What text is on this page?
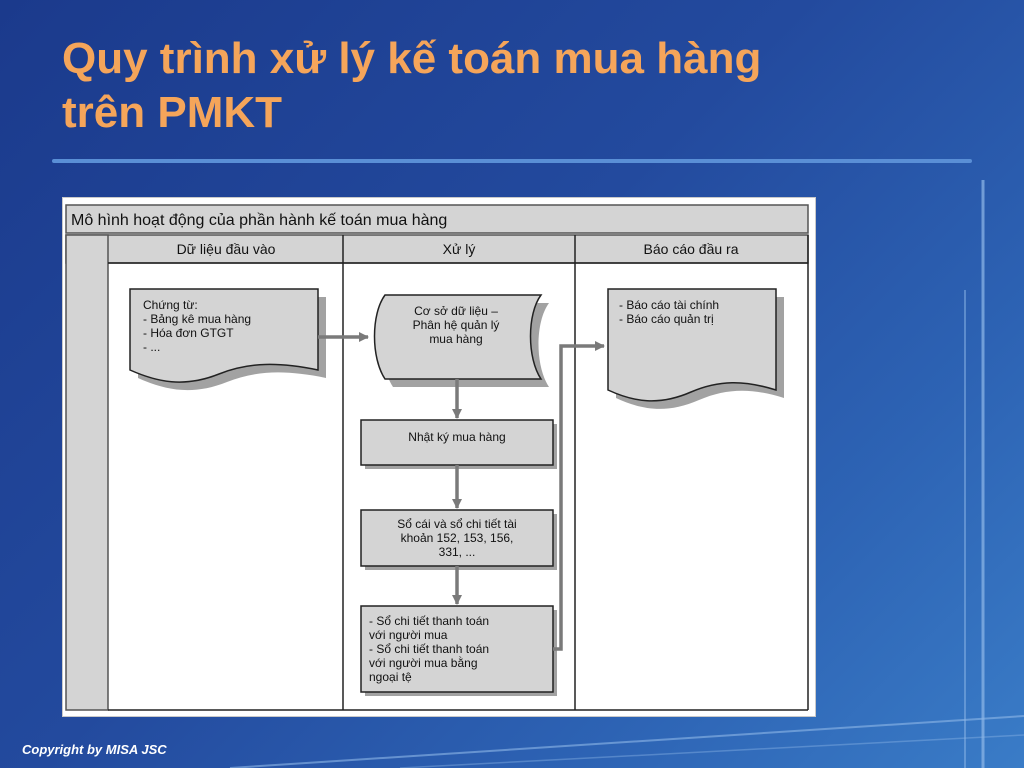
Quy trình xử lý kế toán mua hàng
trên PMKT
Mô hình hoạt động của phần hành kế toán mua hàng
Dữ liệu đầu vào	Xử lý	Báo cáo đầu ra
Chứng từ:
- Bảng kê mua hàng
- Hóa đơn GTGT
- ...
Cơ sở dữ liệu –
Phân hệ quản lý
mua hàng
Nhật ký mua hàng
Sổ cái và sổ chi tiết tài
khoản 152, 153, 156,
331, ...
- Sổ chi tiết thanh toán
với người mua
- Sổ chi tiết thanh toán
với người mua bằng
ngoại tệ
- Báo cáo tài chính
- Báo cáo quản trị
Copyright by MISA JSC
